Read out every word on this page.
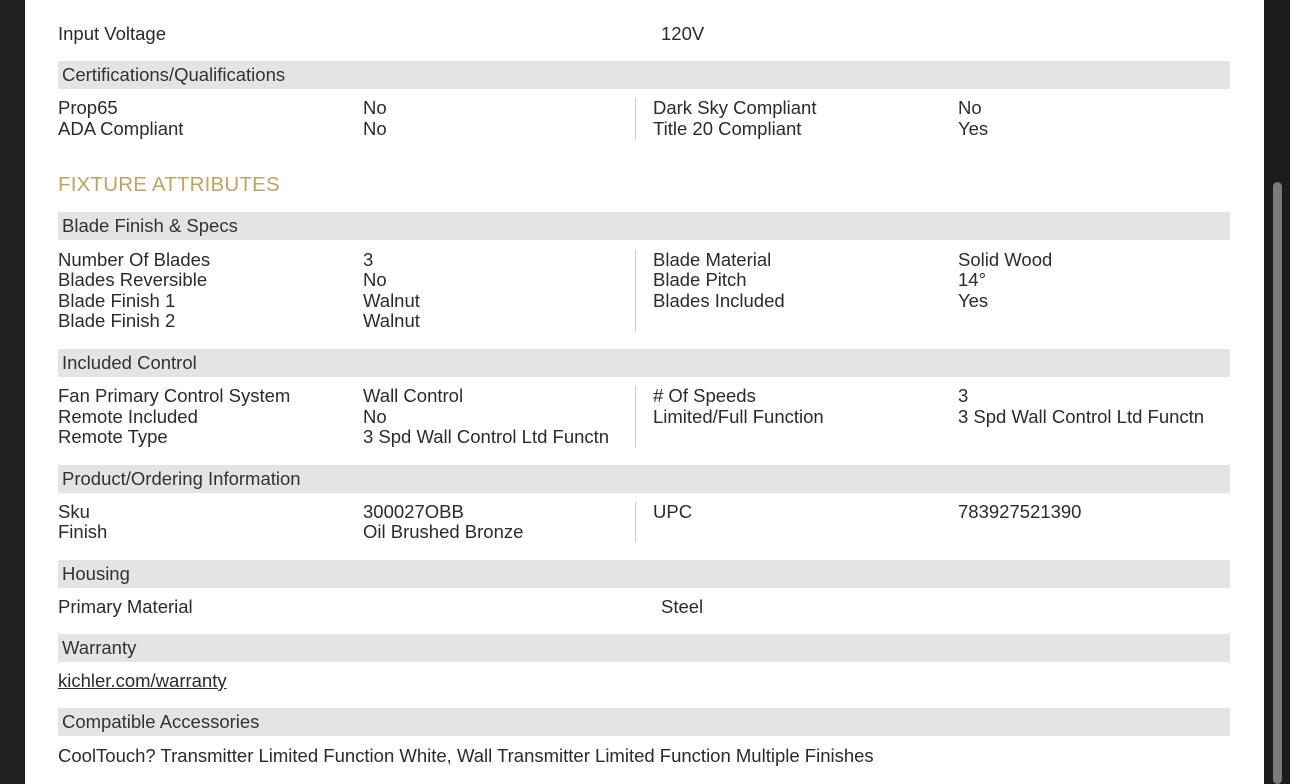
Input Voltage	120V
Certifications/Qualifications
Prop65	No
ADA Compliant	No
Dark Sky Compliant	No
Title 20 Compliant	Yes
FIXTURE ATTRIBUTES
Blade Finish & Specs
Number Of Blades	3
Blades Reversible	No
Blade Finish 1	Walnut
Blade Finish 2	Walnut
Blade Material	Solid Wood
Blade Pitch	14°
Blades Included	Yes
Included Control
Fan Primary Control System	Wall Control
Remote Included	No
Remote Type	3 Spd Wall Control Ltd Functn
# Of Speeds	3
Limited/Full Function	3 Spd Wall Control Ltd Functn
Product/Ordering Information
Sku	300027OBB
Finish	Oil Brushed Bronze
UPC	783927521390
Housing
Primary Material	Steel
Warranty
kichler.com/warranty
Compatible Accessories
CoolTouch? Transmitter Limited Function White, Wall Transmitter Limited Function Multiple Finishes
